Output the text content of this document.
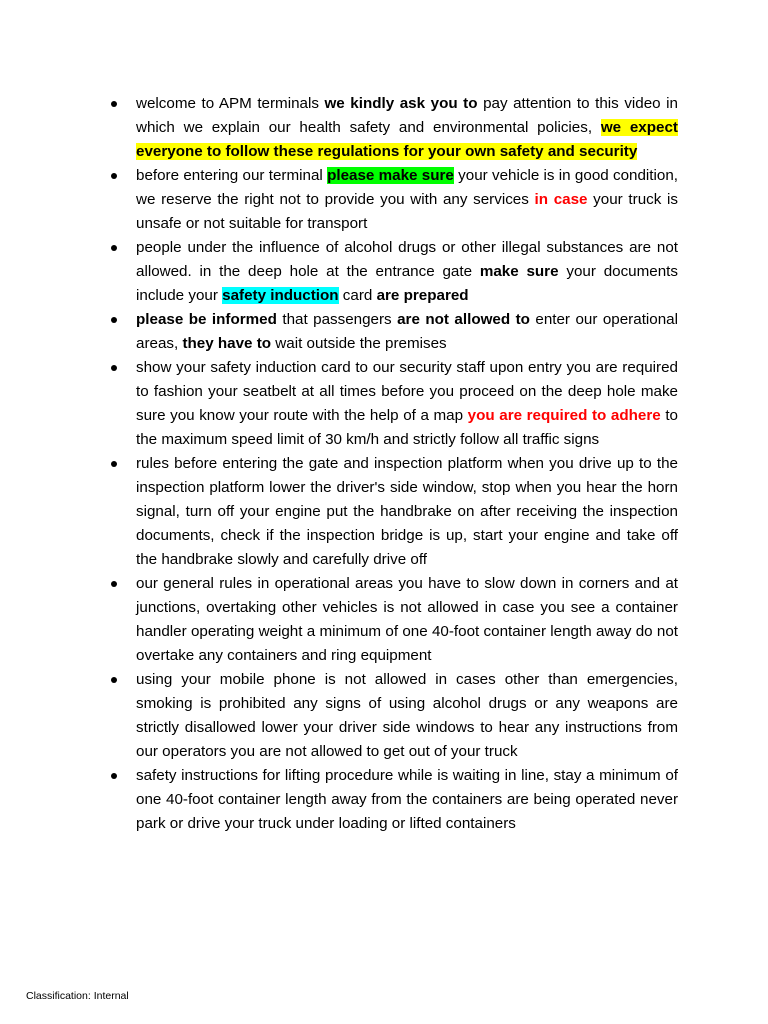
welcome to APM terminals we kindly ask you to pay attention to this video in which we explain our health safety and environmental policies, we expect everyone to follow these regulations for your own safety and security
before entering our terminal please make sure your vehicle is in good condition, we reserve the right not to provide you with any services in case your truck is unsafe or not suitable for transport
people under the influence of alcohol drugs or other illegal substances are not allowed. in the deep hole at the entrance gate make sure your documents include your safety induction card are prepared
please be informed that passengers are not allowed to enter our operational areas, they have to wait outside the premises
show your safety induction card to our security staff upon entry you are required to fashion your seatbelt at all times before you proceed on the deep hole make sure you know your route with the help of a map you are required to adhere to the maximum speed limit of 30 km/h and strictly follow all traffic signs
rules before entering the gate and inspection platform when you drive up to the inspection platform lower the driver's side window, stop when you hear the horn signal, turn off your engine put the handbrake on after receiving the inspection documents, check if the inspection bridge is up, start your engine and take off the handbrake slowly and carefully drive off
our general rules in operational areas you have to slow down in corners and at junctions, overtaking other vehicles is not allowed in case you see a container handler operating weight a minimum of one 40-foot container length away do not overtake any containers and ring equipment
using your mobile phone is not allowed in cases other than emergencies, smoking is prohibited any signs of using alcohol drugs or any weapons are strictly disallowed lower your driver side windows to hear any instructions from our operators you are not allowed to get out of your truck
safety instructions for lifting procedure while is waiting in line, stay a minimum of one 40-foot container length away from the containers are being operated never park or drive your truck under loading or lifted containers
Classification: Internal
